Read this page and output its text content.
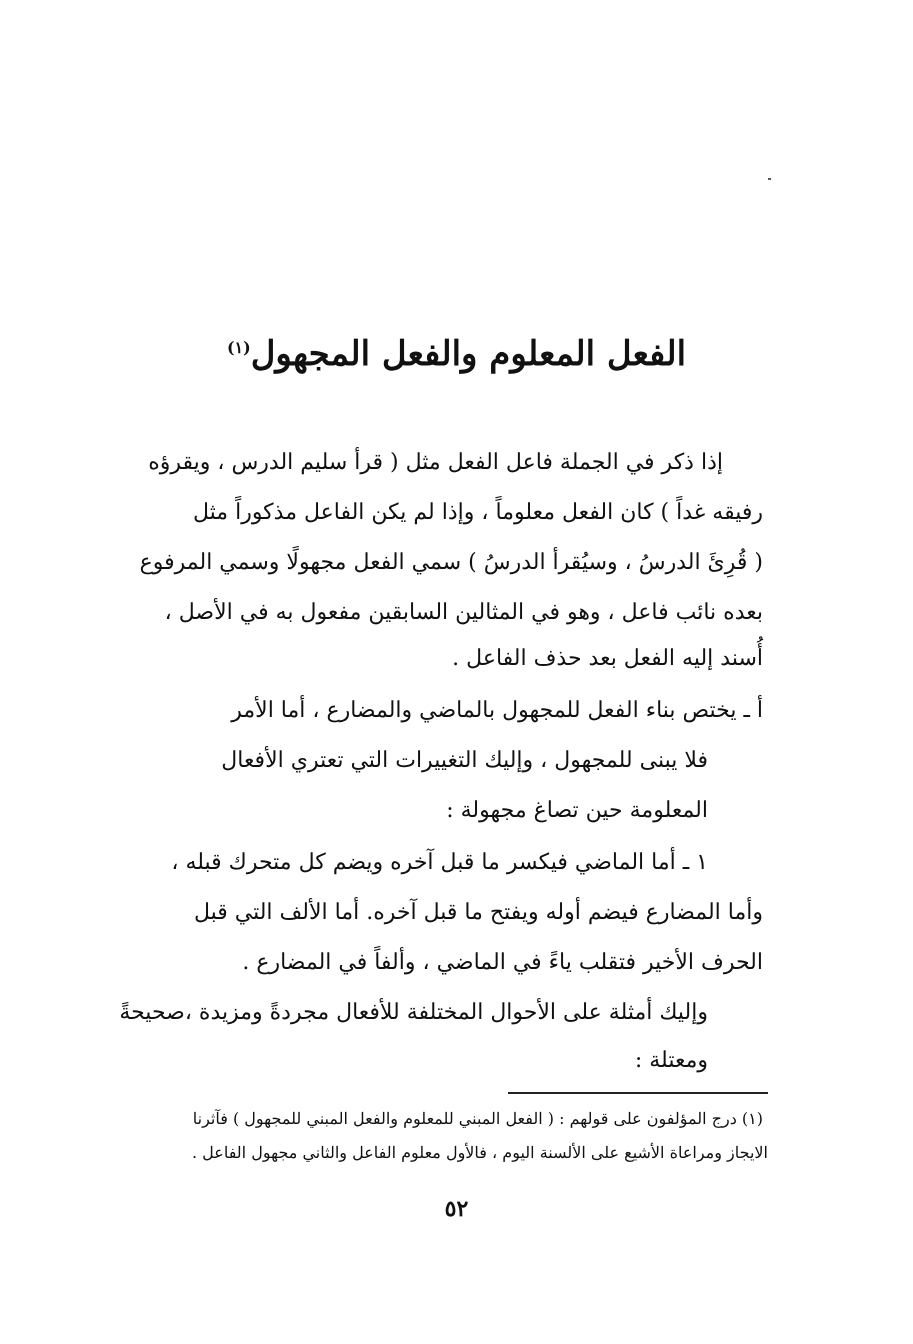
الفعل المعلوم والفعل المجهول$^{(١)}$
إذا ذكر في الجملة فاعل الفعل مثل ( قرأ سليم الدرس ، ويقرؤه
رفيقه غداً ) كان الفعل معلوماً ، وإذا لم يكن الفاعل مذكوراً مثل
( قُرِئَ الدرسُ ، وسيُقرأ الدرسُ ) سمي الفعل مجهولًا وسمي المرفوع
بعده نائب فاعل ، وهو في المثالين السابقين مفعول به في الأصل ،
أُسند إليه الفعل بعد حذف الفاعل .
أ ـ يختص بناء الفعل للمجهول بالماضي والمضارع ، أما الأمر
فلا يبنى للمجهول ، وإليك التغييرات التي تعتري الأفعال
المعلومة حين تصاغ مجهولة :
١ ـ أما الماضي فيكسر ما قبل آخره ويضم كل متحرك قبله ،
وأما المضارع فيضم أوله ويفتح ما قبل آخره. أما الألف التي قبل
الحرف الأخير فتقلب ياءً في الماضي ، وألفاً في المضارع .
وإليك أمثلة على الأحوال المختلفة للأفعال مجردةً ومزيدة ،صحيحةً
ومعتلة :
(١) درج المؤلفون على قولهم : ( الفعل المبني للمعلوم والفعل المبني للمجهول ) فآثرنا
الايجاز ومراعاة الأشيع على الألسنة اليوم ، فالأول معلوم الفاعل والثاني مجهول الفاعل .
٥٢
